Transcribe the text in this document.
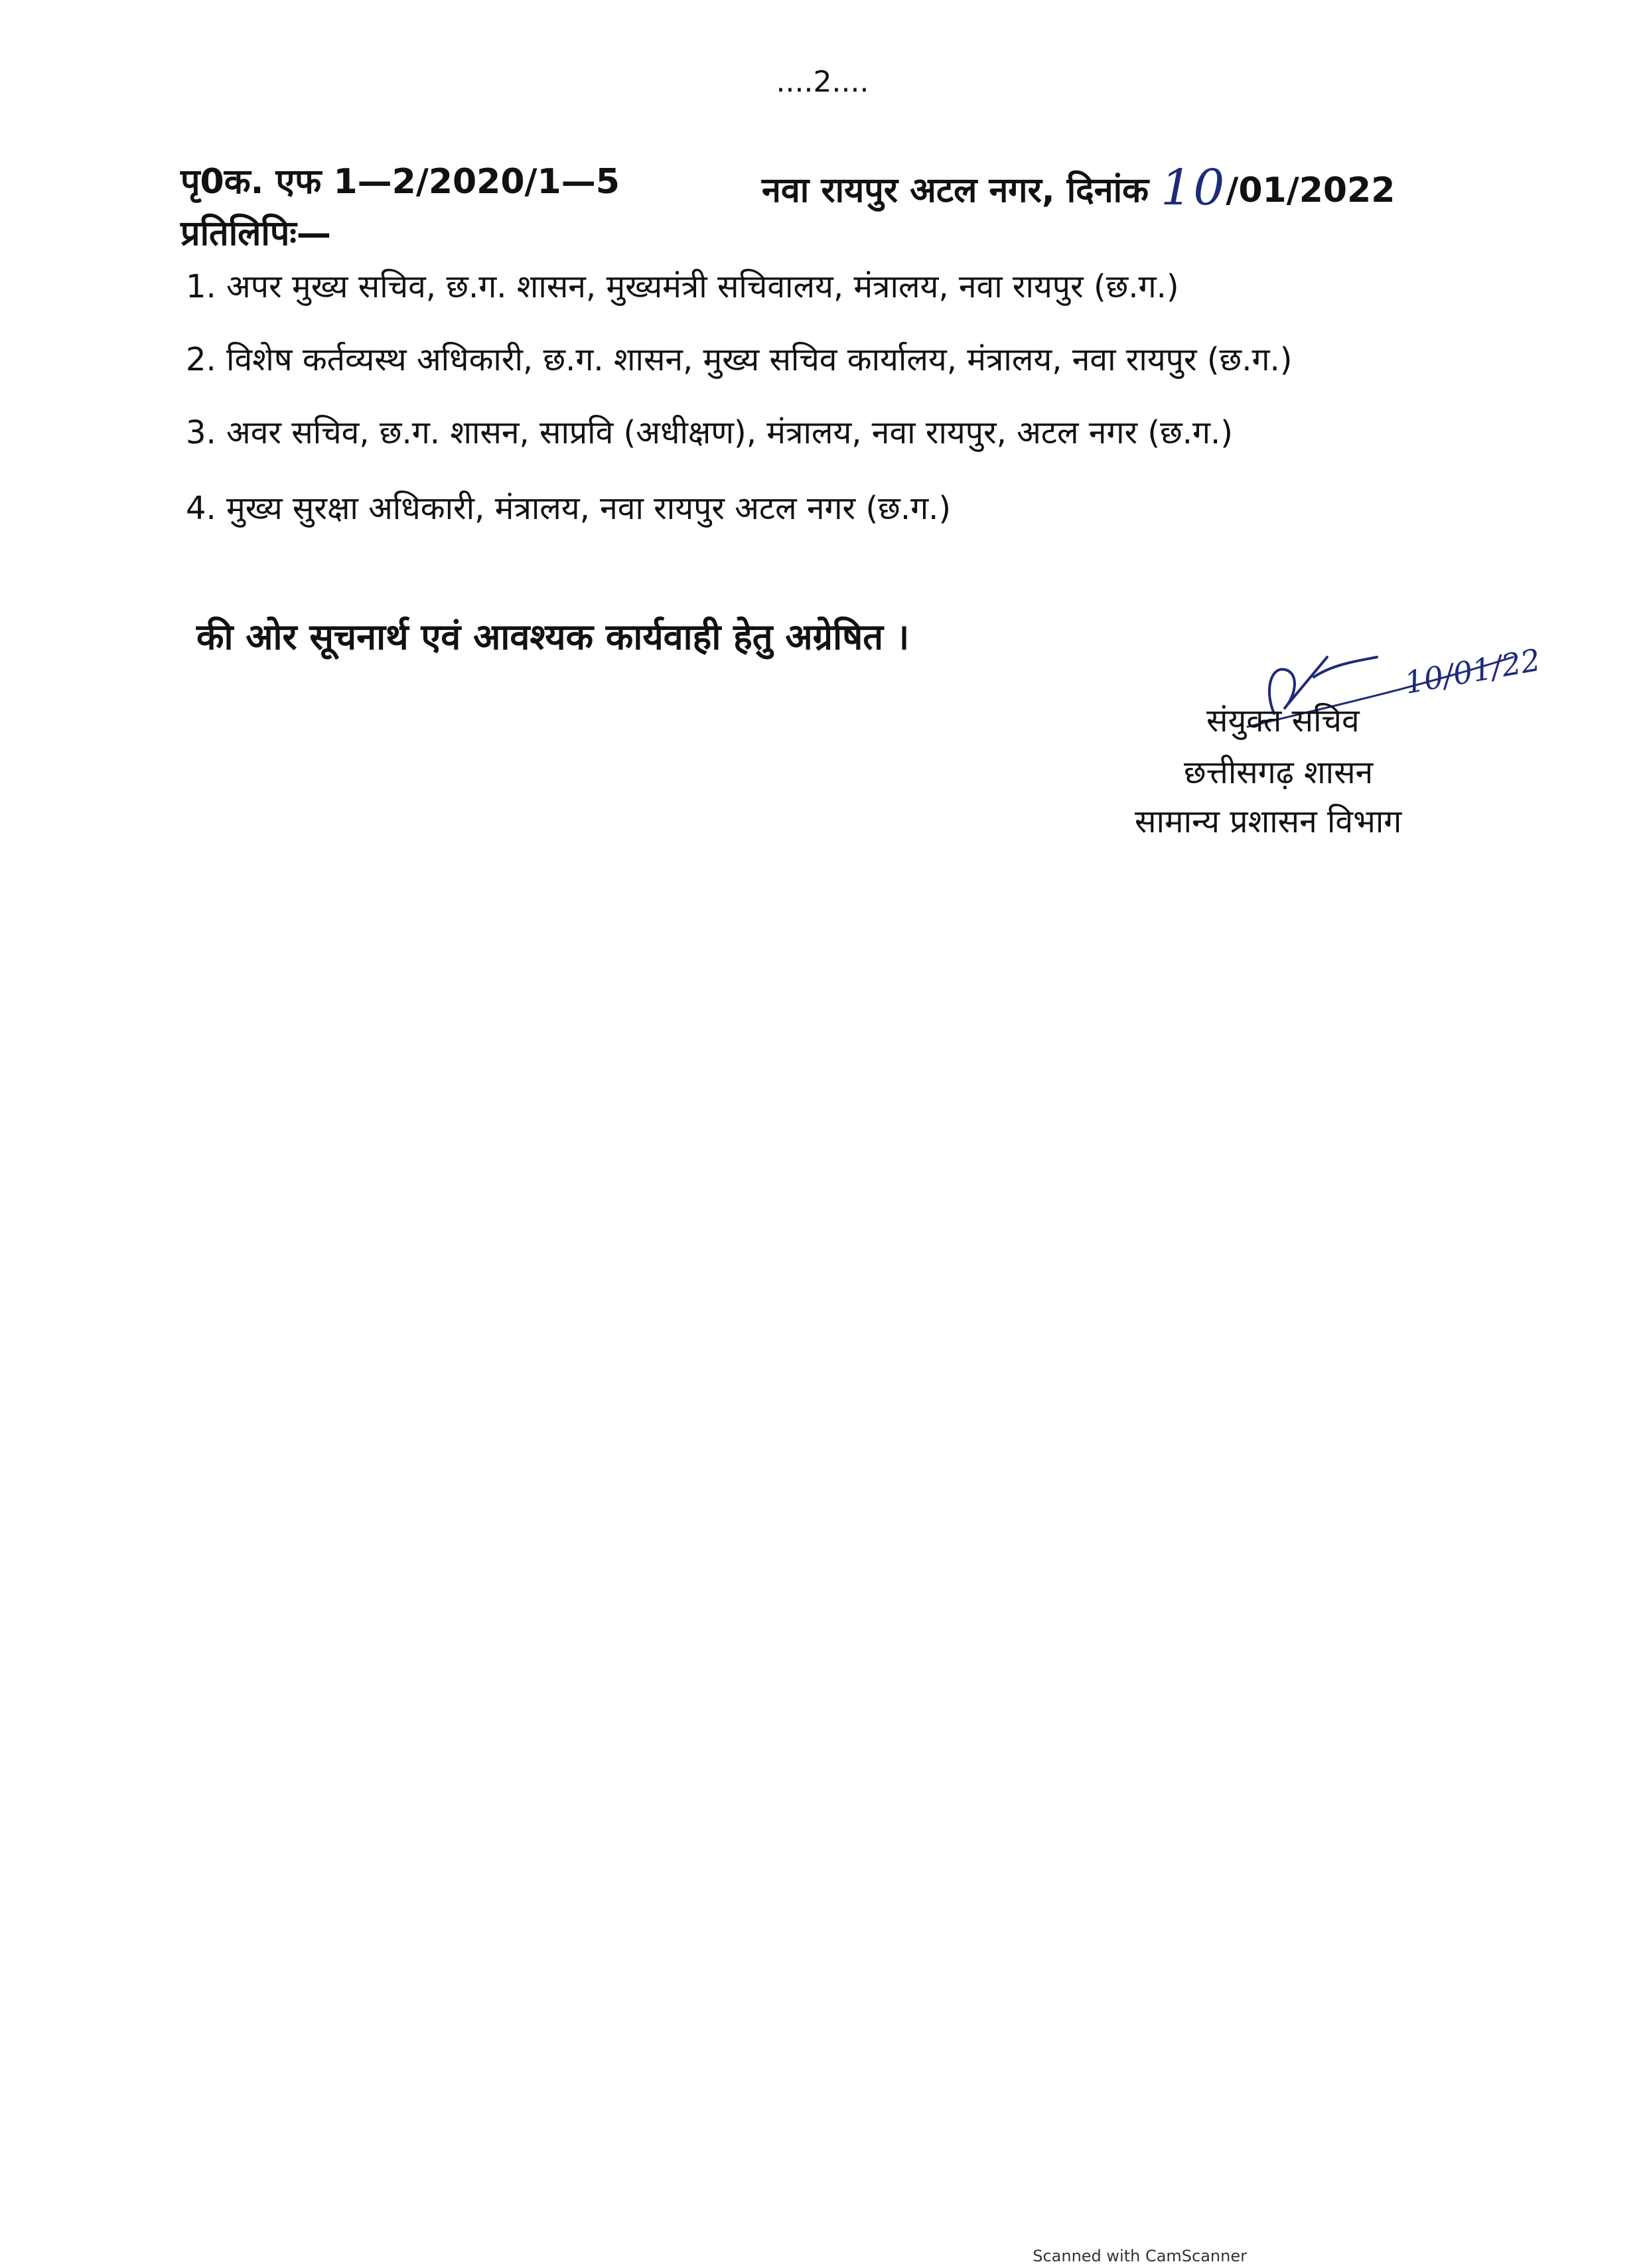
....2....
पृ0क. एफ 1—2/2020/1—5	नवा रायपुर अटल नगर, दिनांक 10/01/2022
प्रतिलिपिः—
1. अपर मुख्य सचिव, छ.ग. शासन, मुख्यमंत्री सचिवालय, मंत्रालय, नवा रायपुर (छ.ग.)
2. विशेष कर्तव्यस्थ अधिकारी, छ.ग. शासन, मुख्य सचिव कार्यालय, मंत्रालय, नवा रायपुर (छ.ग.)
3. अवर सचिव, छ.ग. शासन, साप्रवि (अधीक्षण), मंत्रालय, नवा रायपुर, अटल नगर (छ.ग.)
4. मुख्य सुरक्षा अधिकारी, मंत्रालय, नवा रायपुर अटल नगर (छ.ग.)
की ओर सूचनार्थ एवं आवश्यक कार्यवाही हेतु अग्रेषित ।
10/01/22
संयुक्त सचिव
छत्तीसगढ़ शासन
सामान्य प्रशासन विभाग
Scanned with CamScanner
